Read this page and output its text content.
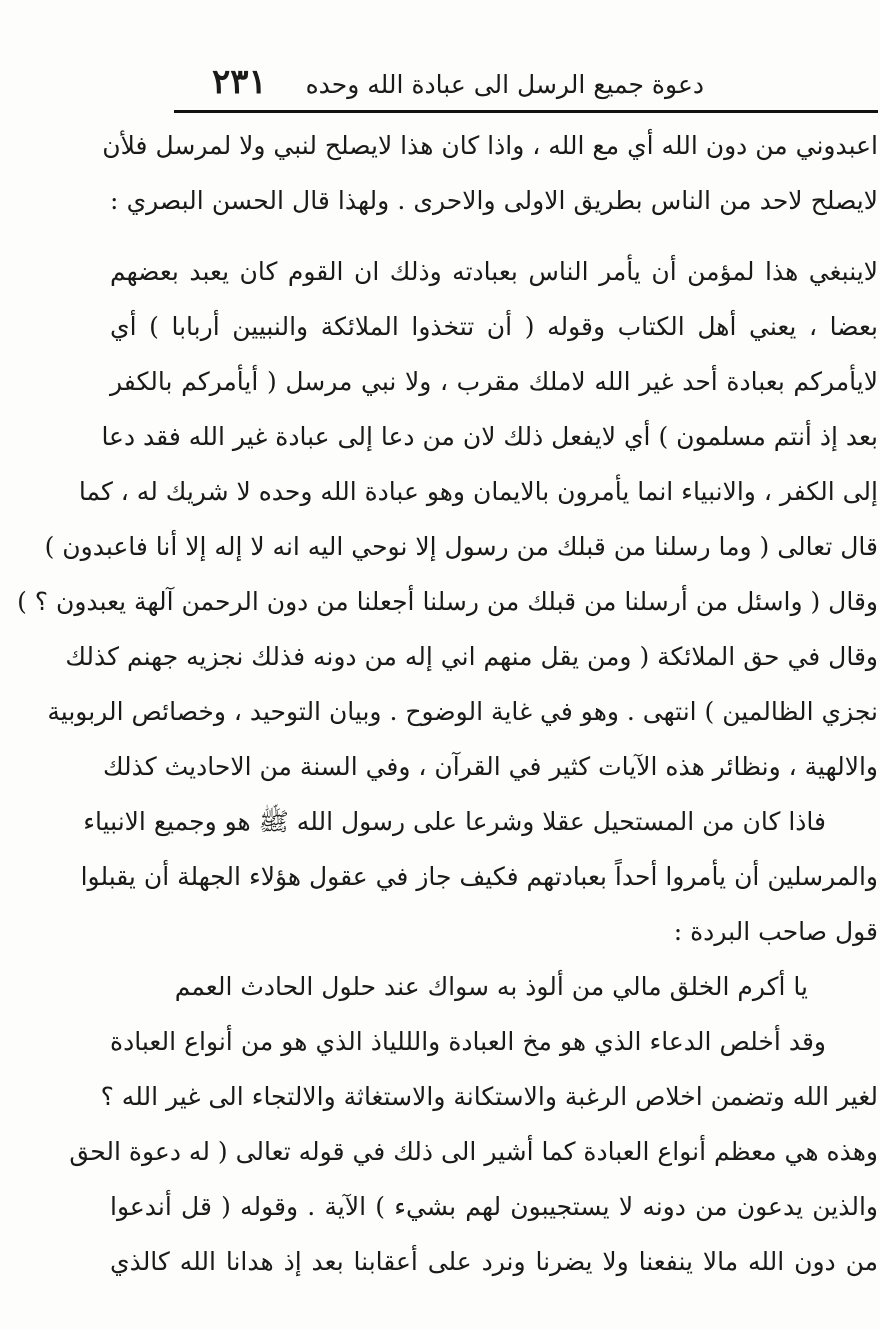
دعوة جميع الرسل الى عبادة الله وحده
٢٣١
اعبدوني من دون الله أي مع الله ، واذا كان هذا لايصلح لنبي ولا لمرسل فلأن
لايصلح لاحد من الناس بطريق الاولى والاحرى . ولهذا قال الحسن البصري :
لاينبغي هذا لمؤمن أن يأمر الناس بعبادته وذلك ان القوم كان يعبد بعضهم
بعضا ، يعني أهل الكتاب وقوله ( أن تتخذوا الملائكة والنبيين أربابا ) أي
لايأمركم بعبادة أحد غير الله لاملك مقرب ، ولا نبي مرسل ( أيأمركم بالكفر
بعد إذ أنتم مسلمون ) أي لايفعل ذلك لان من دعا إلى عبادة غير الله فقد دعا
إلى الكفر ، والانبياء انما يأمرون بالايمان وهو عبادة الله وحده لا شريك له ، كما
قال تعالى ( وما رسلنا من قبلك من رسول إلا نوحي اليه انه لا إله إلا أنا فاعبدون )
وقال ( واسئل من أرسلنا من قبلك من رسلنا أجعلنا من دون الرحمن آلهة يعبدون ؟ )
وقال في حق الملائكة ( ومن يقل منهم اني إله من دونه فذلك نجزيه جهنم كذلك
نجزي الظالمين ) انتهى . وهو في غاية الوضوح . وبيان التوحيد ، وخصائص الربوبية
والالهية ، ونظائر هذه الآيات كثير في القرآن ، وفي السنة من الاحاديث كذلك
فاذا كان من المستحيل عقلا وشرعا على رسول الله ﷺ هو وجميع الانبياء
والمرسلين أن يأمروا أحداً بعبادتهم فكيف جاز في عقول هؤلاء الجهلة أن يقبلوا
قول صاحب البردة :
يا أكرم الخلق مالي من ألوذ به سواك عند حلول الحادث العمم
وقد أخلص الدعاء الذي هو مخ العبادة والللياذ الذي هو من أنواع العبادة
لغير الله وتضمن اخلاص الرغبة والاستكانة والاستغاثة والالتجاء الى غير الله ؟
وهذه هي معظم أنواع العبادة كما أشير الى ذلك في قوله تعالى ( له دعوة الحق
والذين يدعون من دونه لا يستجيبون لهم بشيء ) الآية . وقوله ( قل أندعوا
من دون الله مالا ينفعنا ولا يضرنا ونرد على أعقابنا بعد إذ هدانا الله كالذي
